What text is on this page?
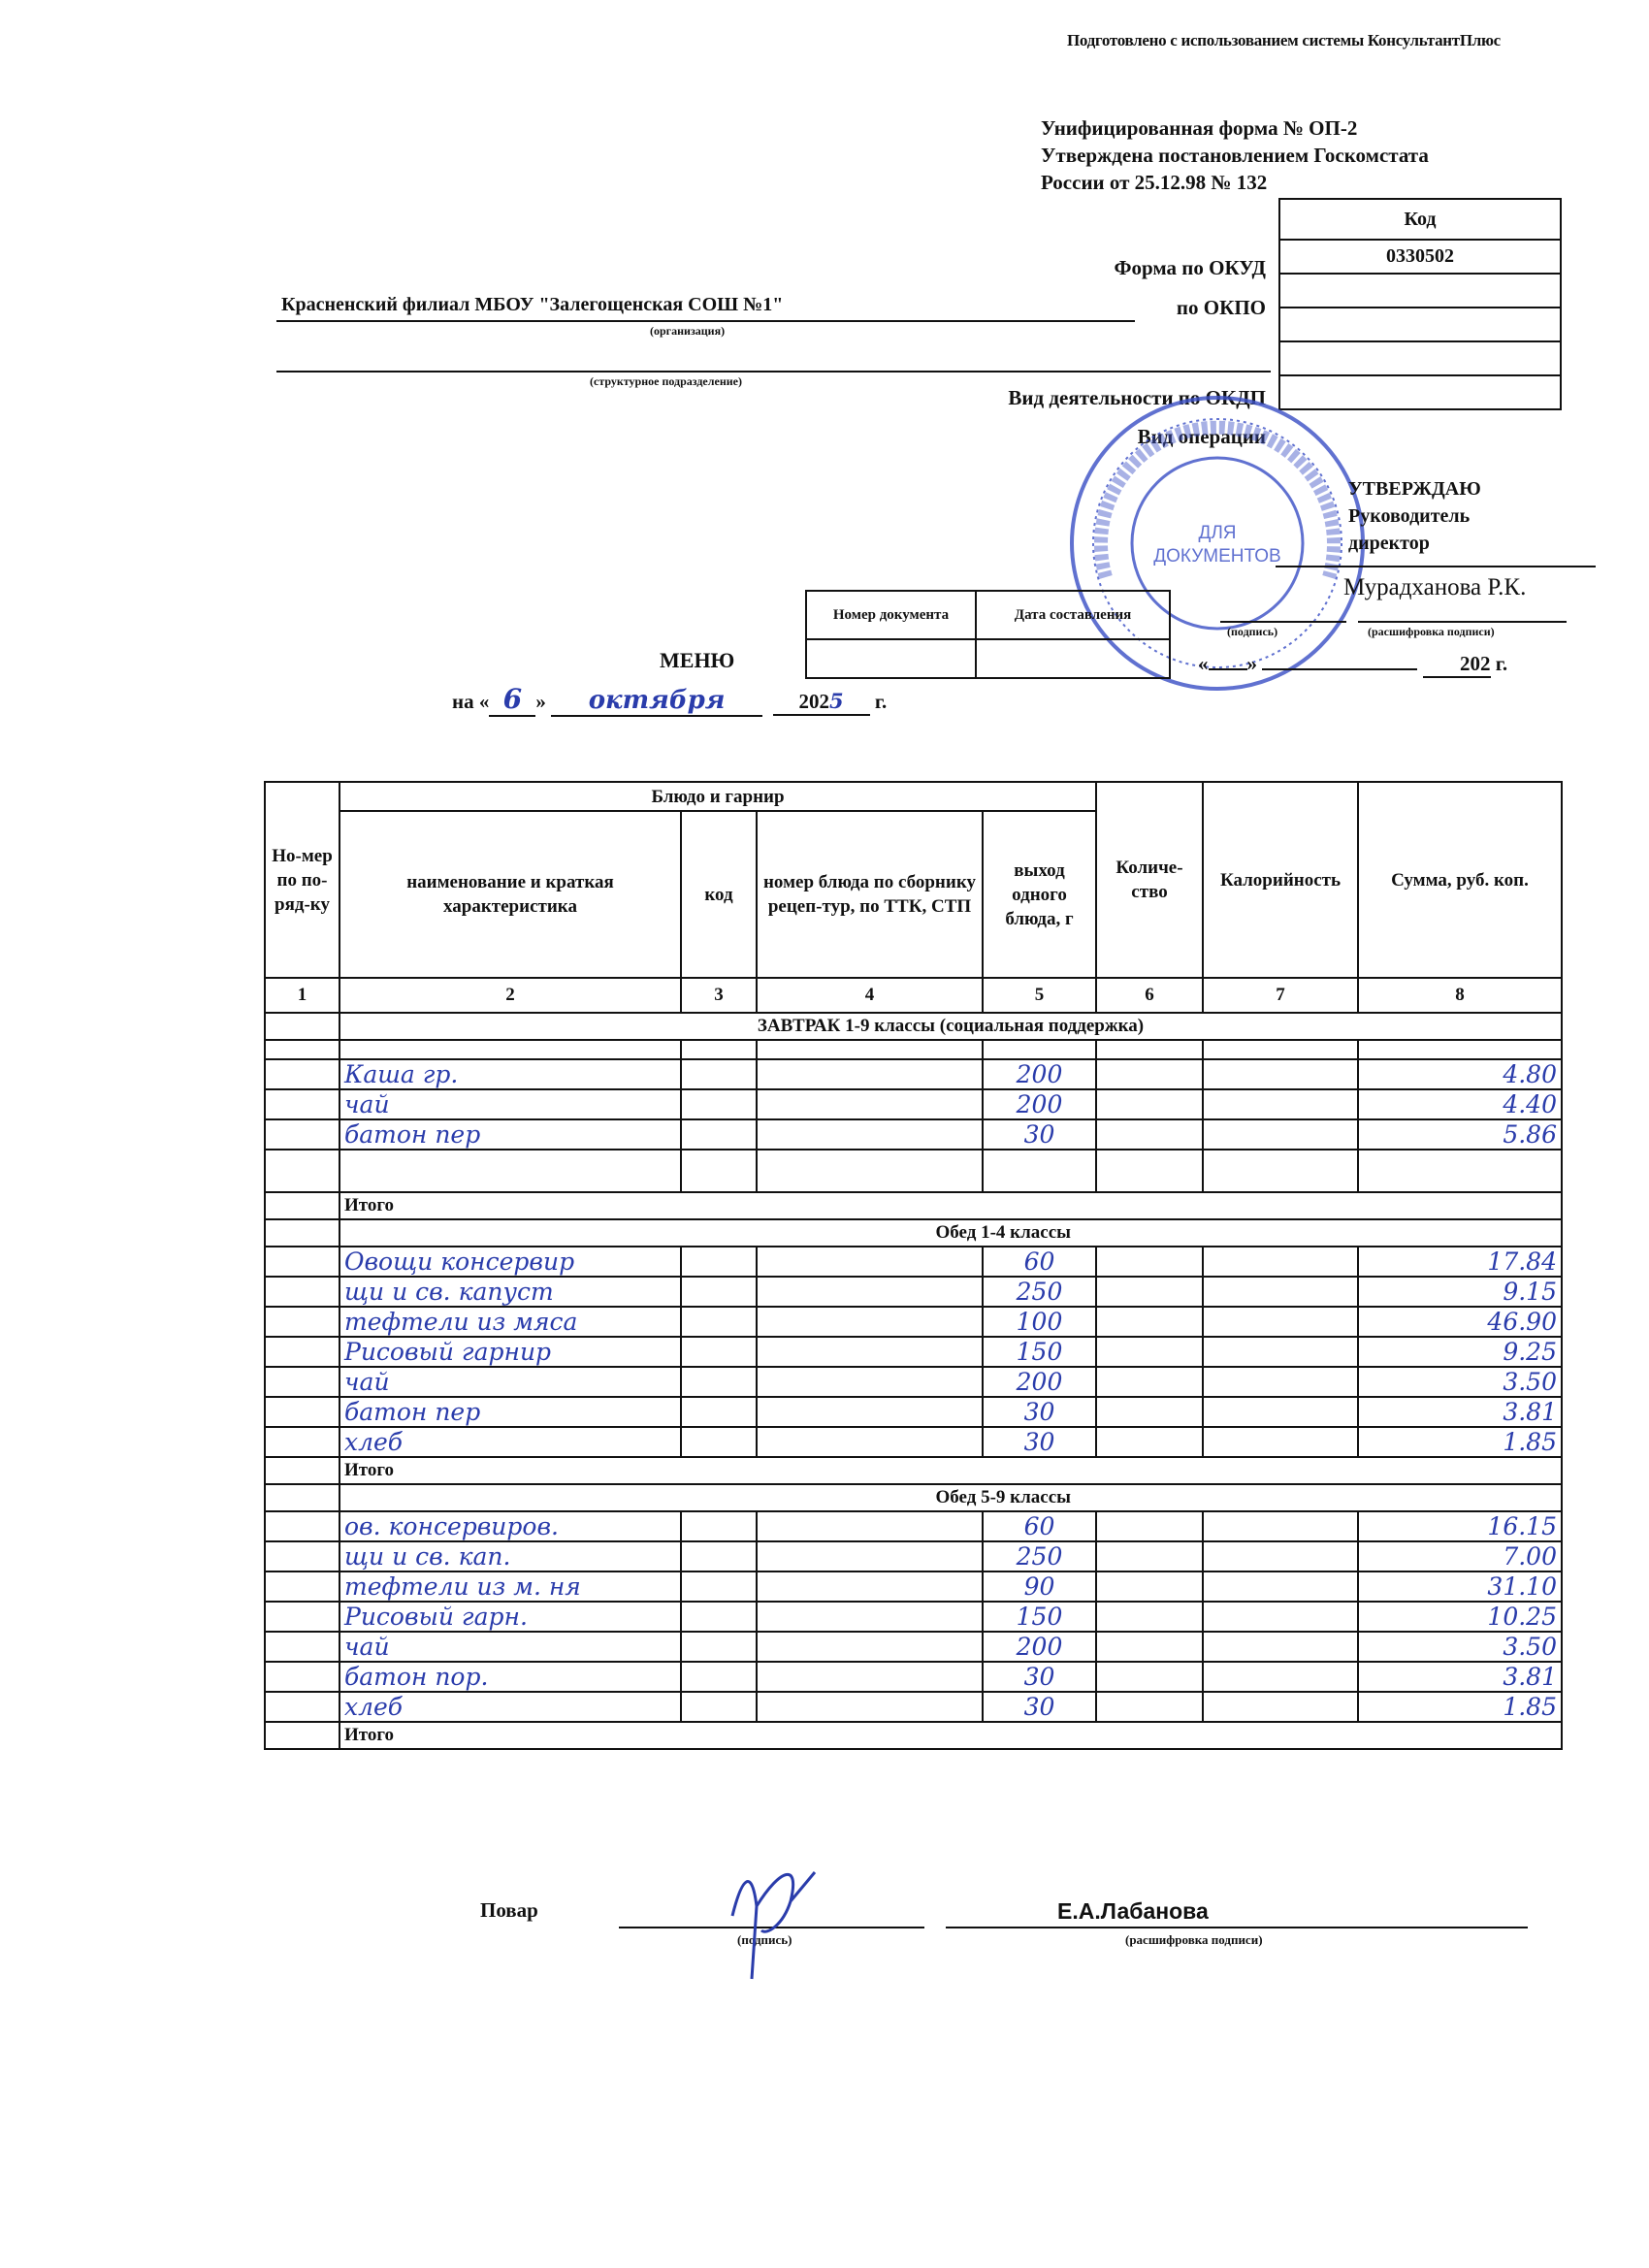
Подготовлено с использованием системы КонсультантПлюс
Унифицированная форма № ОП-2
Утверждена постановлением Госкомстата
России от 25.12.98 № 132
Код
0330502

Форма по ОКУД
по ОКПО
Вид деятельности по ОКДП
Вид операции
Красненский филиал МБОУ "Залегощенская СОШ №1"
(организация)
(структурное подразделение)
ДЛЯ
ДОКУМЕНТОВ
УТВЕРЖДАЮ
Руководитель
директор
Мурадханова Р.К.
(подпись)	(расшифровка подписи)
« »	202 г.
Номер документа	Дата составления

МЕНЮ
на « 6 » октября	2025 г.
Но-мер по по-ряд-ку	Блюдо и гарнир				Количе-ство	Калорийность	Сумма, руб. коп.
	наименование и краткая характеристика	код	номер блюда по сборнику рецеп-тур, по ТТК, СТП	выход одного блюда, г			
1	2	3	4	5	6	7	8
	ЗАВТРАК 1-9 классы (социальная поддержка)						

	Каша гр.			200			4.80
	чай			200			4.40
	батон пер			30			5.86

	Итого						
	Обед 1-4 классы						
	Овощи консервир			60			17.84
	щи и св. капуст			250			9.15
	тефтели из мяса			100			46.90
	Рисовый гарнир			150			9.25
	чай			200			3.50
	батон пер			30			3.81
	хлеб			30			1.85
	Итого						
	Обед 5-9 классы						
	ов. консервиров.			60			16.15
	щи и св. кап.			250			7.00
	тефтели из м. ня			90			31.10
	Рисовый гарн.			150			10.25
	чай			200			3.50
	батон пор.			30			3.81
	хлеб			30			1.85
	Итого						
Повар	Е.А.Лабанова
(подпись)	(расшифровка подписи)
